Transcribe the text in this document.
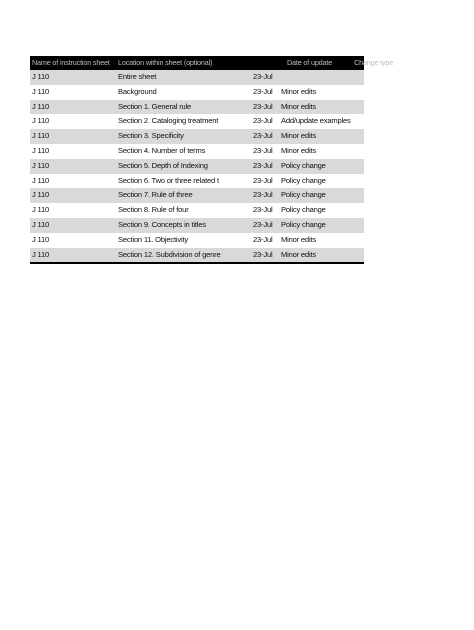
Name of instruction sheet	Location within sheet (optional)	Date of update	Change type
J 110	Entire sheet	23-Jul
J 110	Background	23-Jul	Minor edits
J 110	Section 1. General rule	23-Jul	Minor edits
J 110	Section 2. Cataloging treatment	23-Jul	Add/update examples
J 110	Section 3. Specificity	23-Jul	Minor edits
J 110	Section 4. Number of terms	23-Jul	Minor edits
J 110	Section 5. Depth of Indexing	23-Jul	Policy change
J 110	Section 6. Two or three related t	23-Jul	Policy change
J 110	Section 7. Rule of three	23-Jul	Policy change
J 110	Section 8. Rule of four	23-Jul	Policy change
J 110	Section 9. Concepts in titles	23-Jul	Policy change
J 110	Section 11. Objectivity	23-Jul	Minor edits
J 110	Section 12. Subdivision of genre	23-Jul	Minor edits
